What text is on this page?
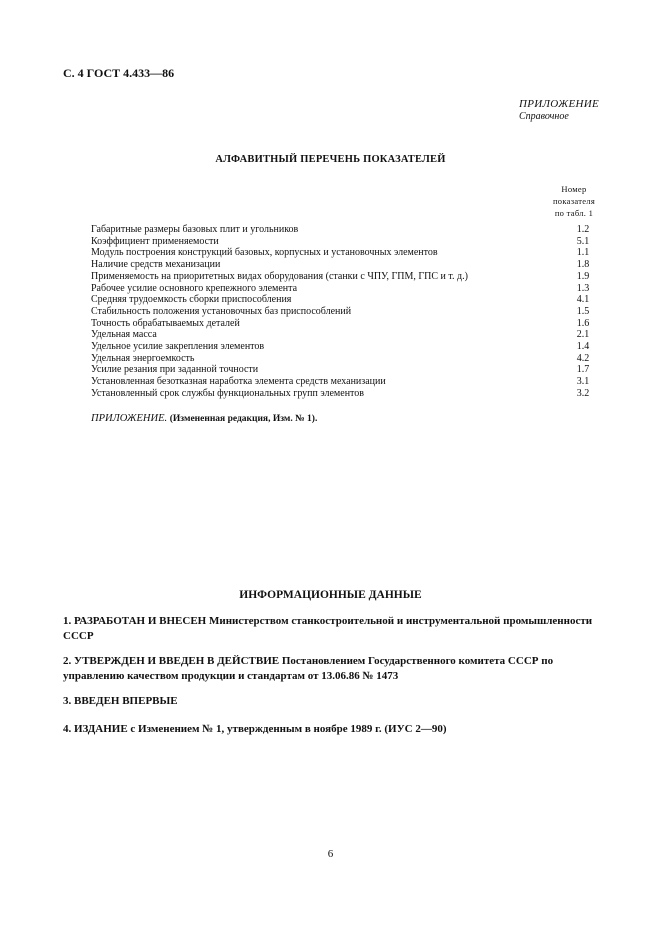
С. 4 ГОСТ 4.433—86
ПРИЛОЖЕНИЕ
Справочное
АЛФАВИТНЫЙ ПЕРЕЧЕНЬ ПОКАЗАТЕЛЕЙ
Номер
показателя
по табл. 1
Габаритные размеры базовых плит и угольников	1.2
Коэффициент применяемости	5.1
Модуль построения конструкций базовых, корпусных и установочных элементов	1.1
Наличие средств механизации	1.8
Применяемость на приоритетных видах оборудования (станки с ЧПУ, ГПМ, ГПС и т. д.)	1.9
Рабочее усилие основного крепежного элемента	1.3
Средняя трудоемкость сборки приспособления	4.1
Стабильность положения установочных баз приспособлений	1.5
Точность обрабатываемых деталей	1.6
Удельная масса	2.1
Удельное усилие закрепления элементов	1.4
Удельная энергоемкость	4.2
Усилие резания при заданной точности	1.7
Установленная безотказная наработка элемента средств механизации	3.1
Установленный срок службы функциональных групп элементов	3.2
ПРИЛОЖЕНИЕ. (Измененная редакция, Изм. № 1).
ИНФОРМАЦИОННЫЕ ДАННЫЕ
1. РАЗРАБОТАН И ВНЕСЕН Министерством станкостроительной и инструментальной промышленности СССР
2. УТВЕРЖДЕН И ВВЕДЕН В ДЕЙСТВИЕ Постановлением Государственного комитета СССР по управлению качеством продукции и стандартам от 13.06.86 № 1473
3. ВВЕДЕН ВПЕРВЫЕ
4. ИЗДАНИЕ с Изменением № 1, утвержденным в ноябре 1989 г. (ИУС 2—90)
6
